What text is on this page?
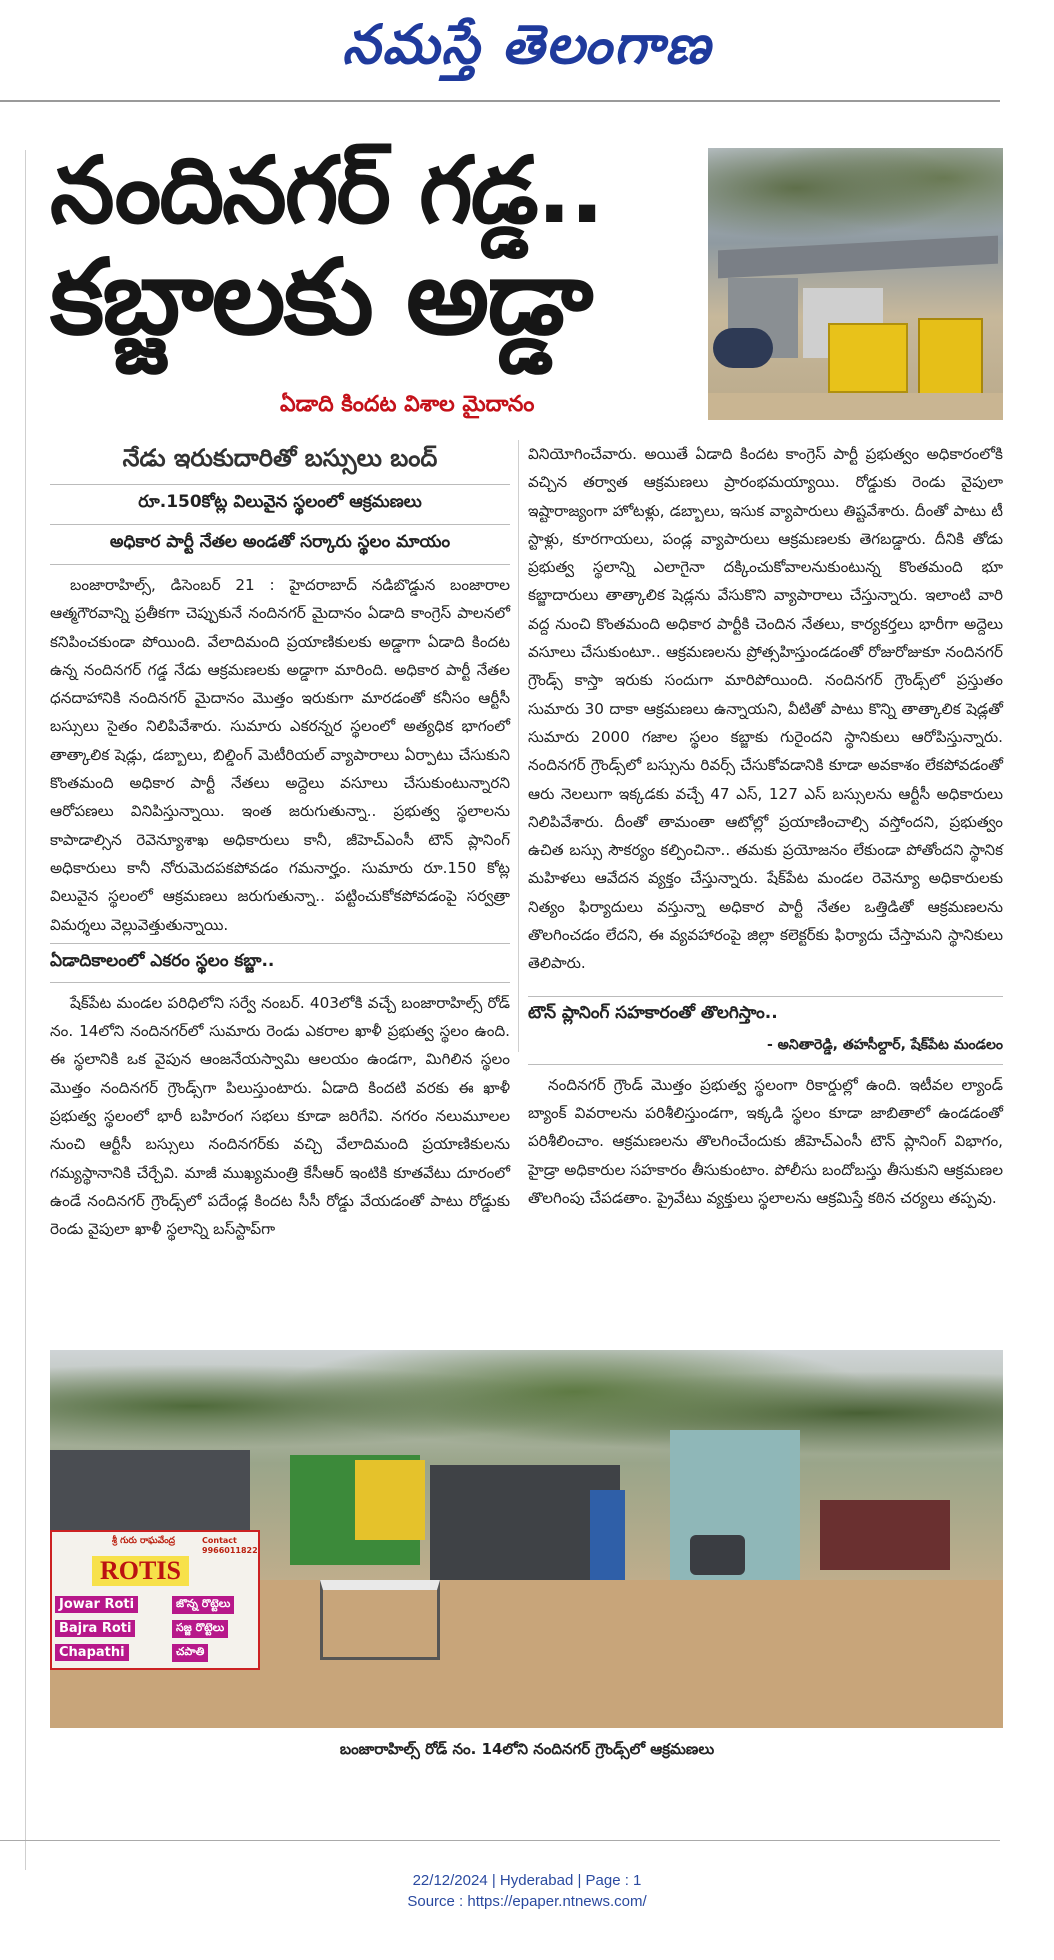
నమస్తే తెలంగాణ
నందినగర్ గడ్డ..
కబ్జాలకు అడ్డా
ఏడాది కిందట విశాల మైదానం
నేడు ఇరుకుదారితో బస్సులు బంద్
రూ.150కోట్ల విలువైన స్థలంలో ఆక్రమణలు
అధికార పార్టీ నేతల అండతో సర్కారు స్థలం మాయం

బంజారాహిల్స్, డిసెంబర్ 21 : హైదరాబాద్ నడిబొడ్డున బంజారాల ఆత్మగౌరవాన్ని ప్రతీకగా చెప్పుకునే నందినగర్ మైదానం ఏడాది కాంగ్రెస్ పాలనలో కనిపించకుండా పోయింది. వేలాదిమంది ప్రయాణికులకు అడ్డాగా ఏడాది కిందట ఉన్న నందినగర్ గడ్డ నేడు ఆక్రమణలకు అడ్డాగా మారింది. అధికార పార్టీ నేతల ధనదాహానికి నందినగర్ మైదానం మొత్తం ఇరుకుగా మారడంతో కనీసం ఆర్టీసీ బస్సులు సైతం నిలిపివేశారు. సుమారు ఎకరన్నర స్థలంలో అత్యధిక భాగంలో తాత్కాలిక షెడ్లు, డబ్బాలు, బిల్డింగ్ మెటీరియల్ వ్యాపారాలు ఏర్పాటు చేసుకుని కొంతమంది అధికార పార్టీ నేతలు అద్దెలు వసూలు చేసుకుంటున్నారని ఆరోపణలు వినిపిస్తున్నాయి. ఇంత జరుగుతున్నా.. ప్రభుత్వ స్థలాలను కాపాడాల్సిన రెవెన్యూశాఖ అధికారులు కానీ, జీహెచ్ఎంసీ టౌన్ ప్లానింగ్ అధికారులు కానీ నోరుమెదపకపోవడం గమనార్హం. సుమారు రూ.150 కోట్ల విలువైన స్థలంలో ఆక్రమణలు జరుగుతున్నా.. పట్టించుకోకపోవడంపై సర్వత్రా విమర్శలు వెల్లువెత్తుతున్నాయి.

ఏడాదికాలంలో ఎకరం స్థలం కబ్జా..

షేక్‌పేట మండల పరిధిలోని సర్వే నంబర్. 403లోకి వచ్చే బంజారాహిల్స్ రోడ్ నం. 14లోని నందినగర్‌లో సుమారు రెండు ఎకరాల ఖాళీ ప్రభుత్వ స్థలం ఉంది. ఈ స్థలానికి ఒక వైపున ఆంజనేయస్వామి ఆలయం ఉండగా, మిగిలిన స్థలం మొత్తం నందినగర్ గ్రౌండ్స్‌గా పిలుస్తుంటారు. ఏడాది కిందటి వరకు ఈ ఖాళీ ప్రభుత్వ స్థలంలో భారీ బహిరంగ సభలు కూడా జరిగేవి. నగరం నలుమూలల నుంచి ఆర్టీసీ బస్సులు నందినగర్‌కు వచ్చి వేలాదిమంది ప్రయాణికులను గమ్యస్థానానికి చేర్చేవి. మాజీ ముఖ్యమంత్రి కేసీఆర్ ఇంటికి కూతవేటు దూరంలో ఉండే నందినగర్ గ్రౌండ్స్‌లో పదేండ్ల కిందట సీసీ రోడ్డు వేయడంతో పాటు రోడ్డుకు రెండు వైపులా ఖాళీ స్థలాన్ని బస్‌స్టాప్‌గా

వినియోగించేవారు. అయితే ఏడాది కిందట కాంగ్రెస్ పార్టీ ప్రభుత్వం అధికారంలోకి వచ్చిన తర్వాత ఆక్రమణలు ప్రారంభమయ్యాయి. రోడ్డుకు రెండు వైపులా ఇష్టారాజ్యంగా హోటళ్లు, డబ్బాలు, ఇసుక వ్యాపారులు తిష్టవేశారు. దీంతో పాటు టీ స్టాళ్లు, కూరగాయలు, పండ్ల వ్యాపారులు ఆక్రమణలకు తెగబడ్డారు. దీనికి తోడు ప్రభుత్వ స్థలాన్ని ఎలాగైనా దక్కించుకోవాలనుకుంటున్న కొంతమంది భూ కబ్జాదారులు తాత్కాలిక షెడ్లను వేసుకొని వ్యాపారాలు చేస్తున్నారు. ఇలాంటి వారి వద్ద నుంచి కొంతమంది అధికార పార్టీకి చెందిన నేతలు, కార్యకర్తలు భారీగా అద్దెలు వసూలు చేసుకుంటూ.. ఆక్రమణలను ప్రోత్సహిస్తుండడంతో రోజురోజుకూ నందినగర్ గ్రౌండ్స్ కాస్తా ఇరుకు సందుగా మారిపోయింది. నందినగర్ గ్రౌండ్స్‌లో ప్రస్తుతం సుమారు 30 దాకా ఆక్రమణలు ఉన్నాయని, వీటితో పాటు కొన్ని తాత్కాలిక షెడ్లతో సుమారు 2000 గజాల స్థలం కబ్జాకు గురైందని స్థానికులు ఆరోపిస్తున్నారు. నందినగర్ గ్రౌండ్స్‌లో బస్సును రివర్స్ చేసుకోవడానికి కూడా అవకాశం లేకపోవడంతో ఆరు నెలలుగా ఇక్కడకు వచ్చే 47 ఎస్, 127 ఎస్ బస్సులను ఆర్టీసీ అధికారులు నిలిపివేశారు. దీంతో తామంతా ఆటోల్లో ప్రయాణించాల్సి వస్తోందని, ప్రభుత్వం ఉచిత బస్సు సౌకర్యం కల్పించినా.. తమకు ప్రయోజనం లేకుండా పోతోందని స్థానిక మహిళలు ఆవేదన వ్యక్తం చేస్తున్నారు. షేక్‌పేట మండల రెవెన్యూ అధికారులకు నిత్యం ఫిర్యాదులు వస్తున్నా అధికార పార్టీ నేతల ఒత్తిడితో ఆక్రమణలను తొలగించడం లేదని, ఈ వ్యవహారంపై జిల్లా కలెక్టర్‌కు ఫిర్యాదు చేస్తామని స్థానికులు తెలిపారు.

టౌన్ ప్లానింగ్ సహకారంతో తొలగిస్తాం..
- అనితారెడ్డి, తహసీల్దార్, షేక్‌పేట మండలం

నందినగర్ గ్రౌండ్ మొత్తం ప్రభుత్వ స్థలంగా రికార్డుల్లో ఉంది. ఇటీవల ల్యాండ్ బ్యాంక్ వివరాలను పరిశీలిస్తుండగా, ఇక్కడి స్థలం కూడా జాబితాలో ఉండడంతో పరిశీలించాం. ఆక్రమణలను తొలగించేందుకు జీహెచ్ఎంసీ టౌన్ ప్లానింగ్ విభాగం, హైడ్రా అధికారుల సహకారం తీసుకుంటాం. పోలీసు బందోబస్తు తీసుకుని ఆక్రమణల తొలగింపు చేపడతాం. ప్రైవేటు వ్యక్తులు స్థలాలను ఆక్రమిస్తే కఠిన చర్యలు తప్పవు.

శ్రీ గురు రాఘవేంద్ర	Contact 9966011822
ROTIS
Jowar Roti
Bajra Roti
Chapathi
జొన్న రొట్టెలు
సజ్జ రొట్టెలు
చపాతి
బంజారాహిల్స్ రోడ్ నం. 14లోని నందినగర్ గ్రౌండ్స్‌లో ఆక్రమణలు
22/12/2024 | Hyderabad | Page : 1
Source : https://epaper.ntnews.com/
